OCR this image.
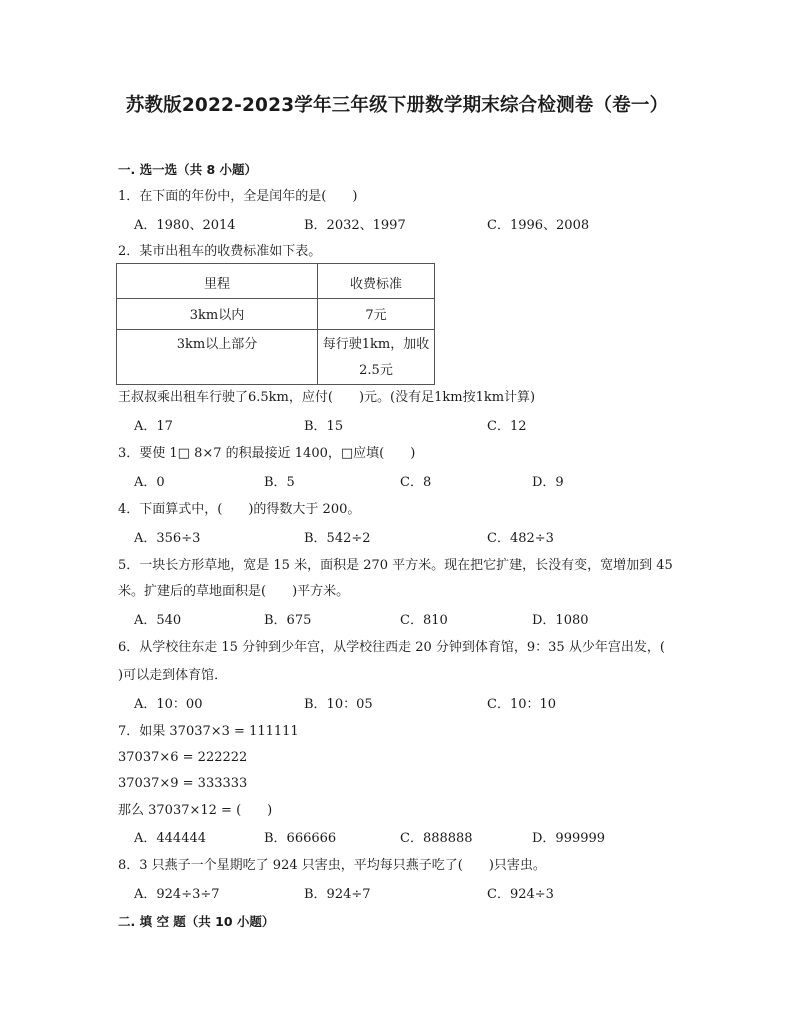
苏教版2022-2023学年三年级下册数学期末综合检测卷（卷一）
一. 选一选（共 8 小题）
1．在下面的年份中，全是闰年的是(　　)
A．1980、2014	B．2032、1997	C．1996、2008
2．某市出租车的收费标准如下表。
里程	收费标准

3km以内	7元

3km以上部分	每行驶1km，加收
2.5元
王叔叔乘出租车行驶了6.5km，应付(　　)元。(没有足1km按1km计算)
A．17	B．15	C．12
3．要使 1□ 8×7 的积最接近 1400，□应填(　　)
A．0	B．5	C．8	D．9
4．下面算式中，(　　)的得数大于 200。
A．356÷3	B．542÷2	C．482÷3
5．一块长方形草地，宽是 15 米，面积是 270 平方米。现在把它扩建，长没有变，宽增加到 45
米。扩建后的草地面积是(　　)平方米。
A．540	B．675	C．810	D．1080
6．从学校往东走 15 分钟到少年宫，从学校往西走 20 分钟到体育馆，9：35 从少年宫出发，(
)可以走到体育馆．
A．10：00	B．10：05	C．10：10
7．如果 37037×3 = 111111
37037×6 = 222222
37037×9 = 333333
那么 37037×12 = (　　)
A．444444	B．666666	C．888888	D．999999
8．3 只燕子一个星期吃了 924 只害虫，平均每只燕子吃了(　　)只害虫。
A．924÷3÷7	B．924÷7	C．924÷3
二. 填 空 题（共 10 小题）
